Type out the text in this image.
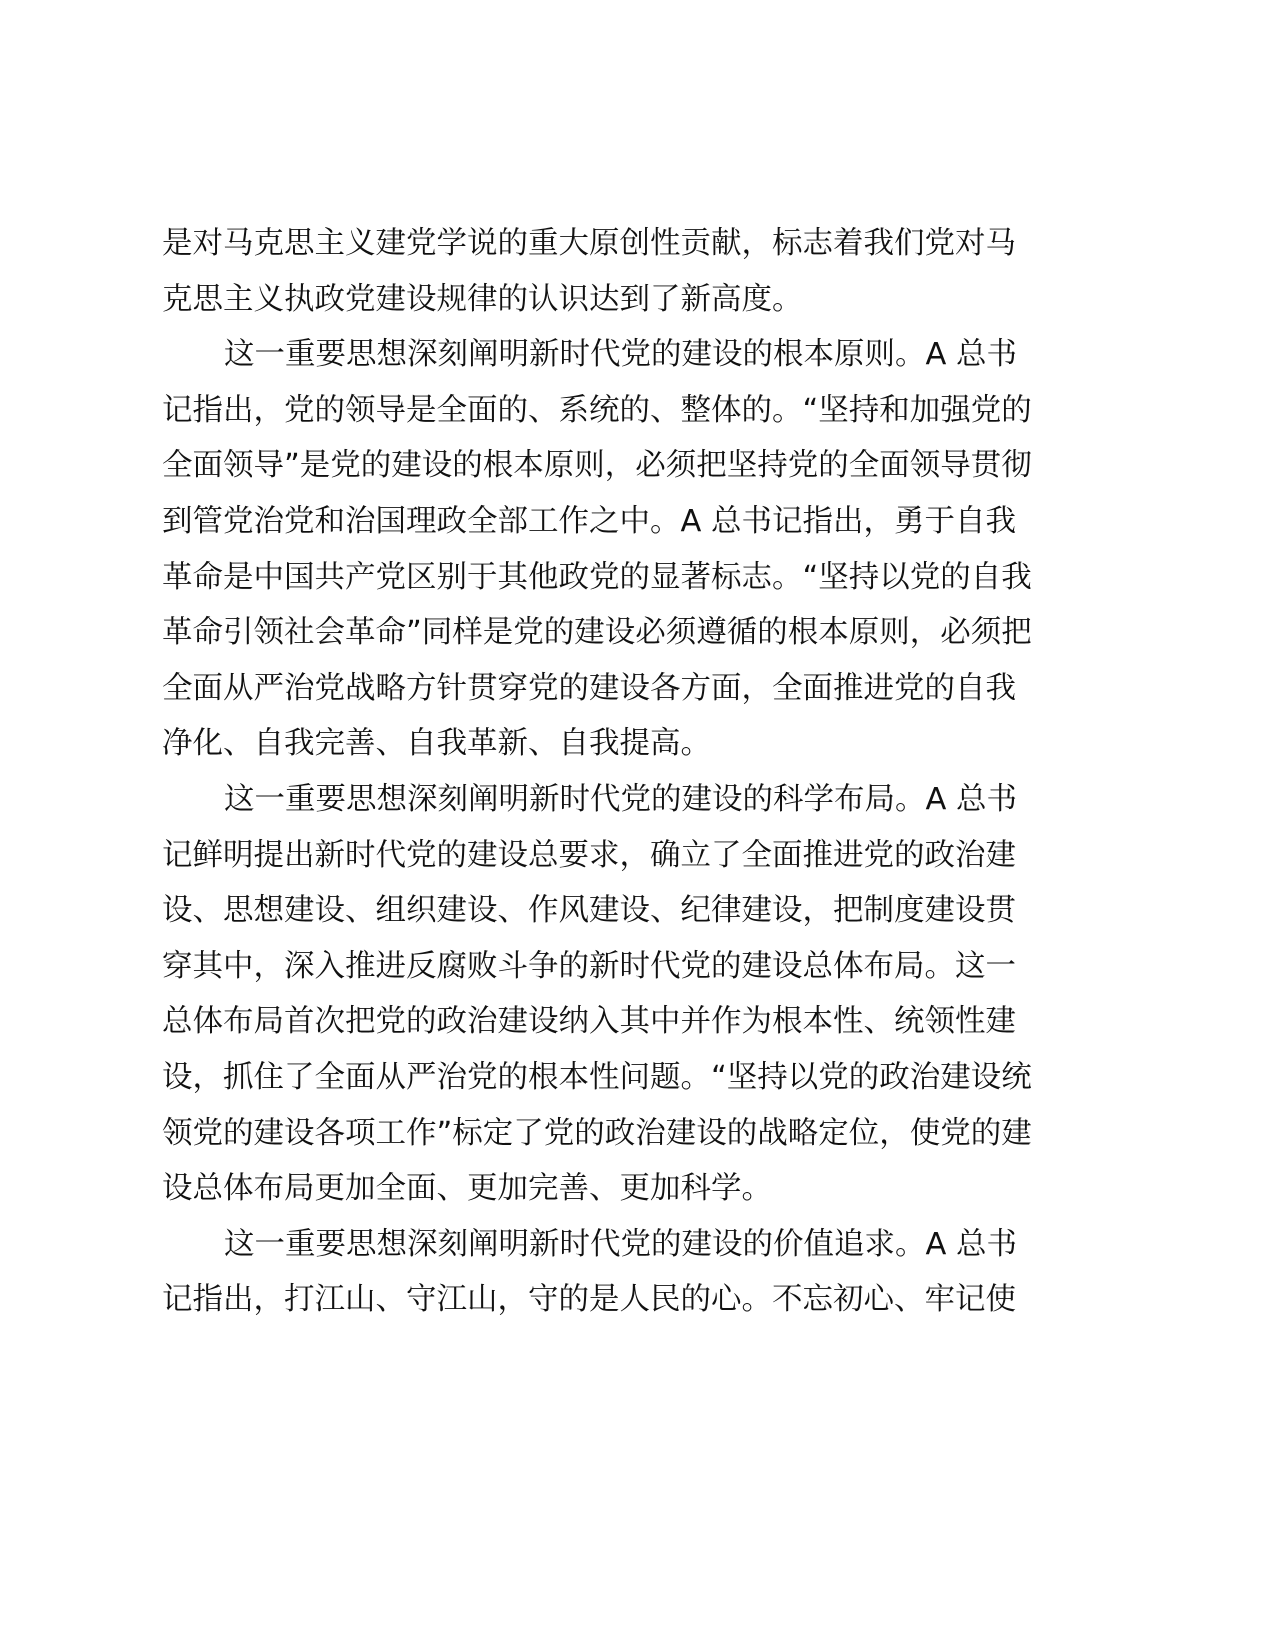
是对马克思主义建党学说的重大原创性贡献，标志着我们党对马
克思主义执政党建设规律的认识达到了新高度。
这一重要思想深刻阐明新时代党的建设的根本原则。A 总书
记指出，党的领导是全面的、系统的、整体的。“坚持和加强党的
全面领导”是党的建设的根本原则，必须把坚持党的全面领导贯彻
到管党治党和治国理政全部工作之中。A 总书记指出，勇于自我
革命是中国共产党区别于其他政党的显著标志。“坚持以党的自我
革命引领社会革命”同样是党的建设必须遵循的根本原则，必须把
全面从严治党战略方针贯穿党的建设各方面，全面推进党的自我
净化、自我完善、自我革新、自我提高。
这一重要思想深刻阐明新时代党的建设的科学布局。A 总书
记鲜明提出新时代党的建设总要求，确立了全面推进党的政治建
设、思想建设、组织建设、作风建设、纪律建设，把制度建设贯
穿其中，深入推进反腐败斗争的新时代党的建设总体布局。这一
总体布局首次把党的政治建设纳入其中并作为根本性、统领性建
设，抓住了全面从严治党的根本性问题。“坚持以党的政治建设统
领党的建设各项工作”标定了党的政治建设的战略定位，使党的建
设总体布局更加全面、更加完善、更加科学。
这一重要思想深刻阐明新时代党的建设的价值追求。A 总书
记指出，打江山、守江山，守的是人民的心。不忘初心、牢记使
